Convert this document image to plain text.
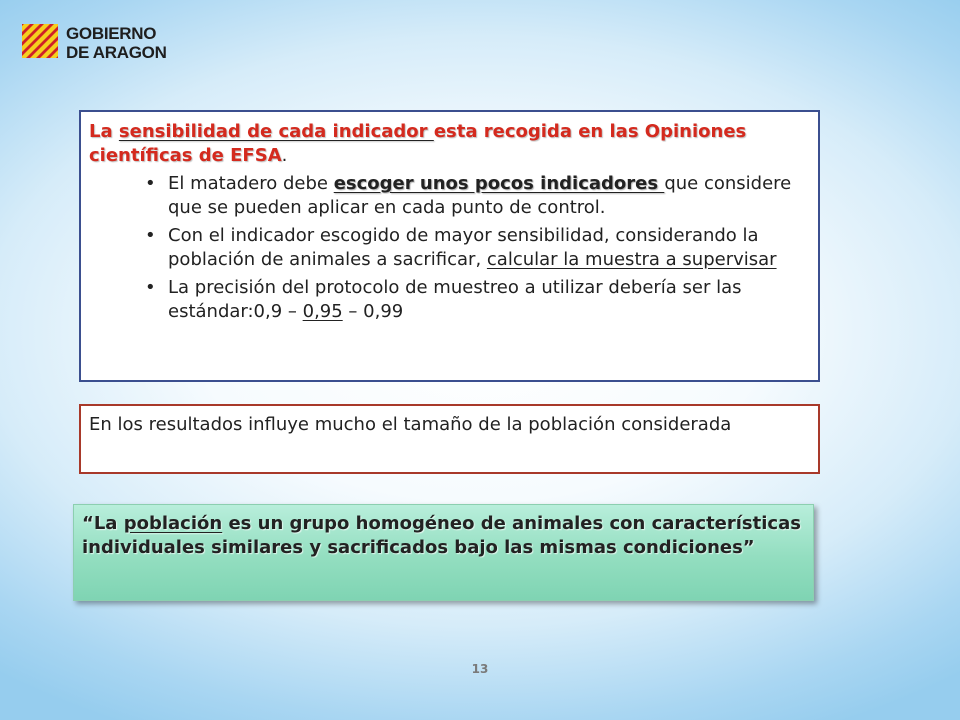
GOBIERNO
DE ARAGON

La sensibilidad de cada indicador esta recogida en las Opiniones científicas de EFSA.

• El matadero debe escoger unos pocos indicadores que considere que se pueden aplicar en cada punto de control.
• Con el indicador escogido de mayor sensibilidad, considerando la población de animales a sacrificar, calcular la muestra a supervisar
• La precisión del protocolo de muestreo a utilizar debería ser las estándar:0,9 – 0,95 – 0,99
En los resultados influye mucho el tamaño de la población considerada
“La población es un grupo homogéneo de animales con características individuales similares y sacrificados bajo las mismas condiciones”
13
